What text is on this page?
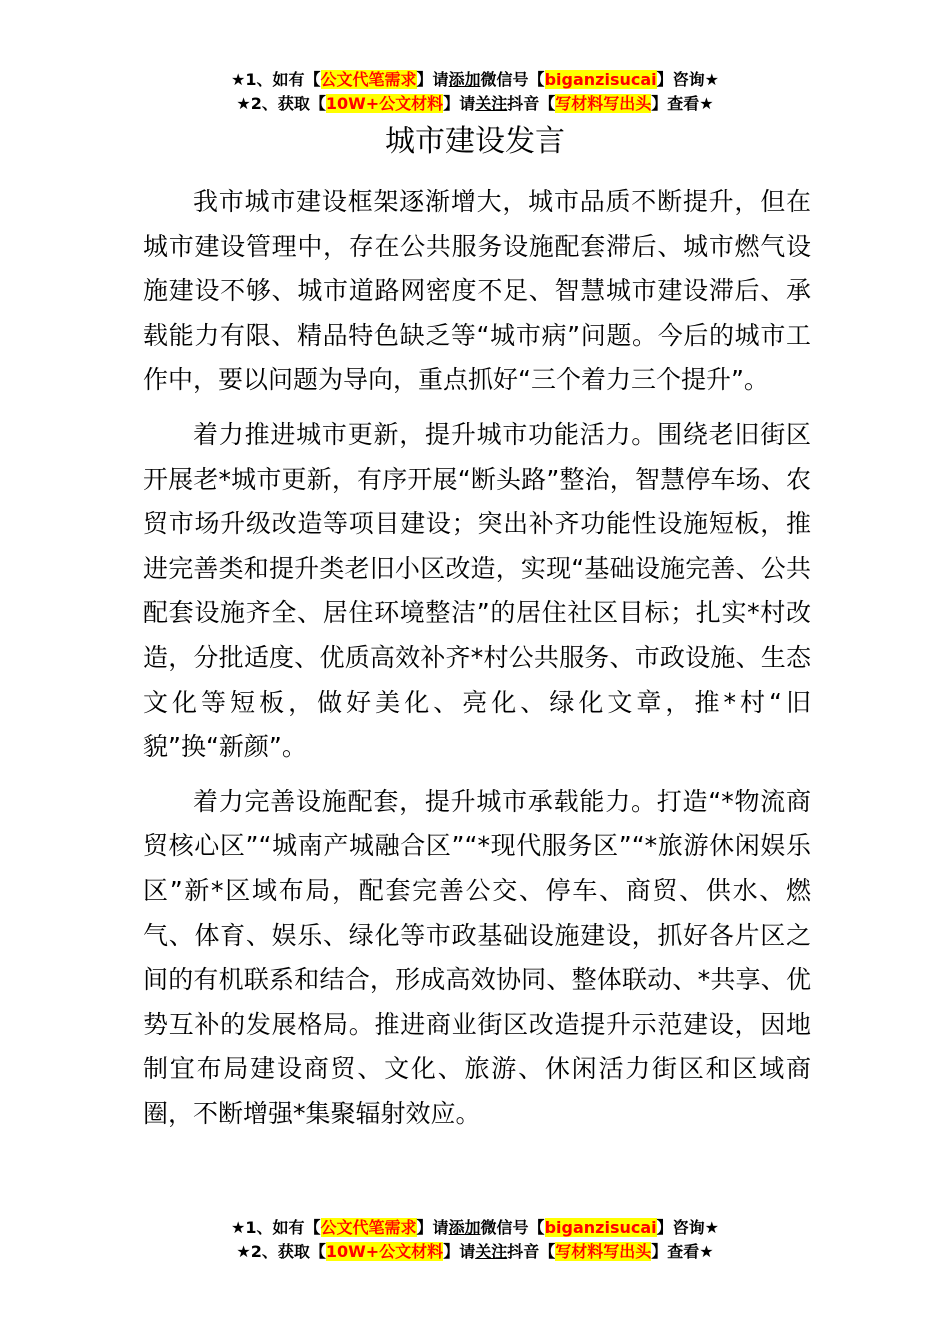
★1、如有【公文代笔需求】请添加微信号【biganzisucai】咨询★
★2、获取【10W+公文材料】请关注抖音【写材料写出头】查看★
城市建设发言

我市城市建设框架逐渐增大，城市品质不断提升，但在城市建设管理中，存在公共服务设施配套滞后、城市燃气设施建设不够、城市道路网密度不足、智慧城市建设滞后、承载能力有限、精品特色缺乏等“城市病”问题。今后的城市工作中，要以问题为导向，重点抓好“三个着力三个提升”。

着力推进城市更新，提升城市功能活力。围绕老旧街区开展老*城市更新，有序开展“断头路”整治，智慧停车场、农贸市场升级改造等项目建设；突出补齐功能性设施短板，推进完善类和提升类老旧小区改造，实现“基础设施完善、公共配套设施齐全、居住环境整洁”的居住社区目标；扎实*村改造，分批适度、优质高效补齐*村公共服务、市政设施、生态文化等短板，做好美化、亮化、绿化文章，推*村“旧貌”换“新颜”。

着力完善设施配套，提升城市承载能力。打造“*物流商贸核心区”“城南产城融合区”“*现代服务区”“*旅游休闲娱乐区”新*区域布局，配套完善公交、停车、商贸、供水、燃气、体育、娱乐、绿化等市政基础设施建设，抓好各片区之间的有机联系和结合，形成高效协同、整体联动、*共享、优势互补的发展格局。推进商业街区改造提升示范建设，因地制宜布局建设商贸、文化、旅游、休闲活力街区和区域商圈，不断增强*集聚辐射效应。

★1、如有【公文代笔需求】请添加微信号【biganzisucai】咨询★
★2、获取【10W+公文材料】请关注抖音【写材料写出头】查看★
